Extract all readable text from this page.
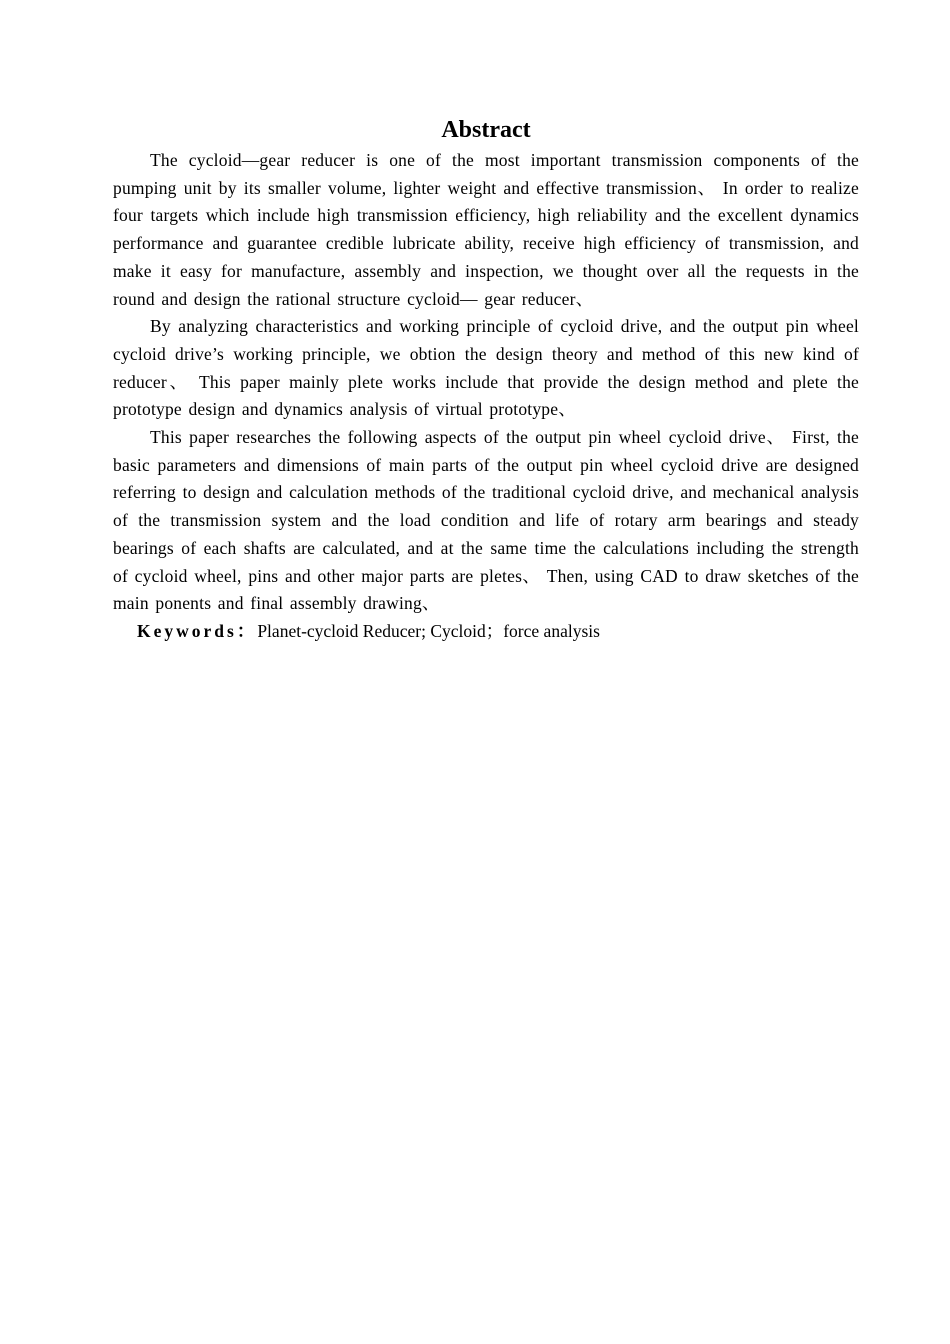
Abstract

The cycloid—gear reducer is one of the most important transmission components of the pumping unit by its smaller volume, lighter weight and effective transmission、 In order to realize four targets which include high transmission efficiency, high reliability and the excellent dynamics performance and guarantee credible lubricate ability, receive high efficiency of transmission, and make it easy for manufacture, assembly and inspection, we thought over all the requests in the round and design the rational structure cycloid— gear reducer、

By analyzing characteristics and working principle of cycloid drive, and the output pin wheel cycloid drive’s working principle, we obtion the design theory and method of this new kind of reducer、 This paper mainly plete works include that provide the design method and plete the prototype design and dynamics analysis of virtual prototype、

This paper researches the following aspects of the output pin wheel cycloid drive、 First, the basic parameters and dimensions of main parts of the output pin wheel cycloid drive are designed referring to design and calculation methods of the traditional cycloid drive, and mechanical analysis of the transmission system and the load condition and life of rotary arm bearings and steady bearings of each shafts are calculated, and at the same time the calculations including the strength of cycloid wheel, pins and other major parts are pletes、 Then, using CAD to draw sketches of the main ponents and final assembly drawing、

Keywords：Planet-cycloid Reducer; Cycloid；force analysis
